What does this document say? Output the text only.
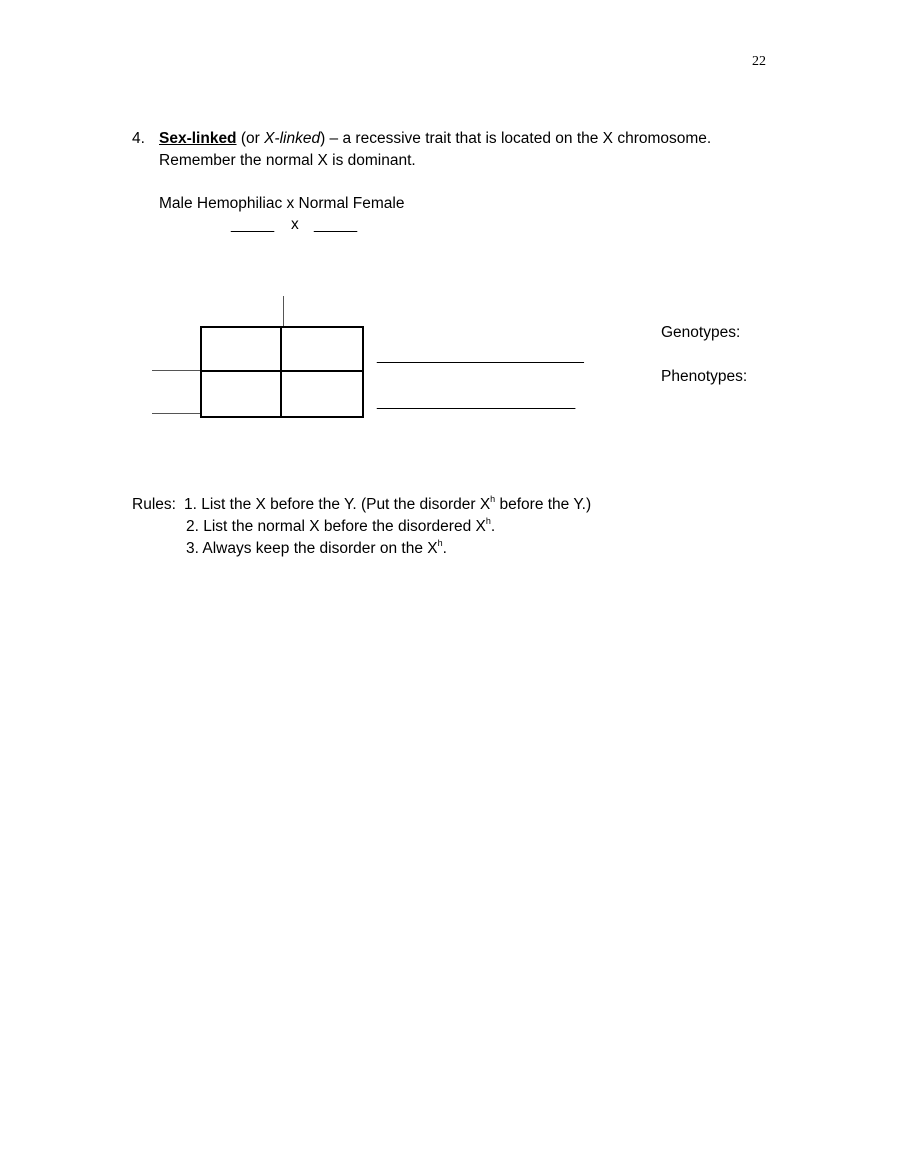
22
4. Sex-linked (or X-linked) – a recessive trait that is located on the X chromosome.
Remember the normal X is dominant.
Male Hemophiliac x Normal Female
_____ x _____
________________________
_______________________
Genotypes:
Phenotypes:
Rules: 1. List the X before the Y. (Put the disorder $X^h$ before the Y.)
2. List the normal X before the disordered $X^h$.
3. Always keep the disorder on the $X^h$.
